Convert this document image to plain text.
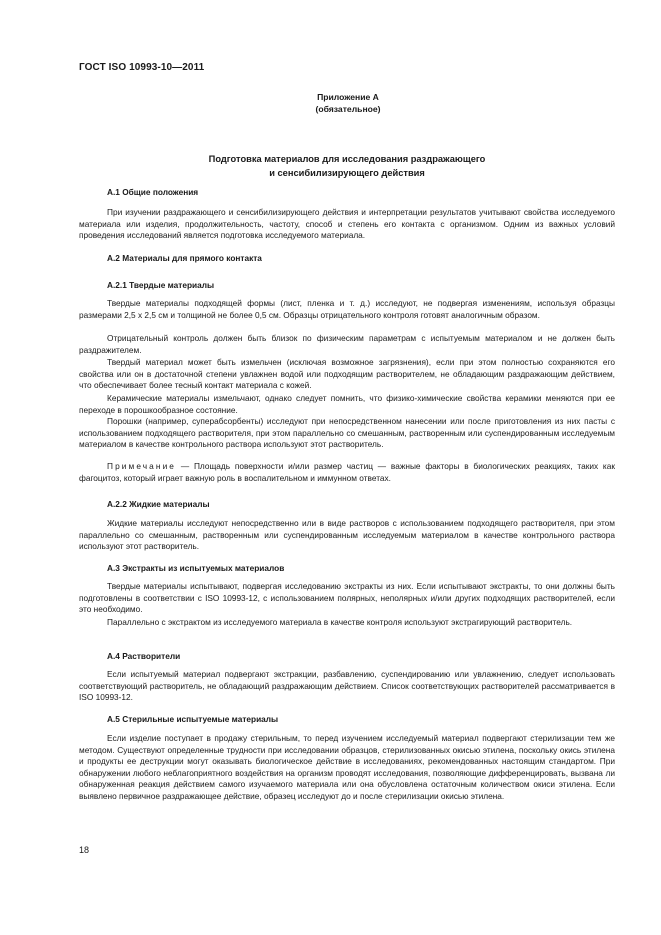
ГОСТ ISO 10993-10—2011
Приложение А
(обязательное)
Подготовка материалов для исследования раздражающего
и сенсибилизирующего действия
А.1 Общие положения

При изучении раздражающего и сенсибилизирующего действия и интерпретации результатов учитывают свойства исследуемого материала или изделия, продолжительность, частоту, способ и степень его контакта с организмом. Одним из важных условий проведения исследований является подготовка исследуемого материала.

А.2 Материалы для прямого контакта
А.2.1 Твердые материалы

Твердые материалы подходящей формы (лист, пленка и т. д.) исследуют, не подвергая изменениям, используя образцы размерами 2,5 х 2,5 см и толщиной не более 0,5 см. Образцы отрицательного контроля готовят аналогичным образом.

Отрицательный контроль должен быть близок по физическим параметрам с испытуемым материалом и не должен быть раздражителем.

Твердый материал может быть измельчен (исключая возможное загрязнения), если при этом полностью сохраняются его свойства или он в достаточной степени увлажнен водой или подходящим растворителем, не обладающим раздражающим действием, что обеспечивает более тесный контакт материала с кожей.

Керамические материалы измельчают, однако следует помнить, что физико-химические свойства керамики меняются при ее переходе в порошкообразное состояние.

Порошки (например, суперабсорбенты) исследуют при непосредственном нанесении или после приготовления из них пасты с использованием подходящего растворителя, при этом параллельно со смешанным, растворенным или суспендированным исследуемым материалом в качестве контрольного раствора используют этот растворитель.

Примечание — Площадь поверхности и/или размер частиц — важные факторы в биологических реакциях, таких как фагоцитоз, который играет важную роль в воспалительном и иммунном ответах.

А.2.2 Жидкие материалы

Жидкие материалы исследуют непосредственно или в виде растворов с использованием подходящего растворителя, при этом параллельно со смешанным, растворенным или суспендированным исследуемым материалом в качестве контрольного раствора используют этот растворитель.

А.3 Экстракты из испытуемых материалов

Твердые материалы испытывают, подвергая исследованию экстракты из них. Если испытывают экстракты, то они должны быть подготовлены в соответствии с ISO 10993-12, с использованием полярных, неполярных и/или других подходящих растворителей, если это необходимо.

Параллельно с экстрактом из исследуемого материала в качестве контроля используют экстрагирующий растворитель.

А.4 Растворители

Если испытуемый материал подвергают экстракции, разбавлению, суспендированию или увлажнению, следует использовать соответствующий растворитель, не обладающий раздражающим действием. Список соответствующих растворителей рассматривается в ISO 10993-12.

А.5 Стерильные испытуемые материалы

Если изделие поступает в продажу стерильным, то перед изучением исследуемый материал подвергают стерилизации тем же методом. Существуют определенные трудности при исследовании образцов, стерилизованных окисью этилена, поскольку окись этилена и продукты ее деструкции могут оказывать биологическое действие в исследованиях, рекомендованных настоящим стандартом. При обнаружении любого неблагоприятного воздействия на организм проводят исследования, позволяющие дифференцировать, вызвана ли обнаруженная реакция действием самого изучаемого материала или она обусловлена остаточным количеством окиси этилена. Если выявлено первичное раздражающее действие, образец исследуют до и после стерилизации окисью этилена.

18
